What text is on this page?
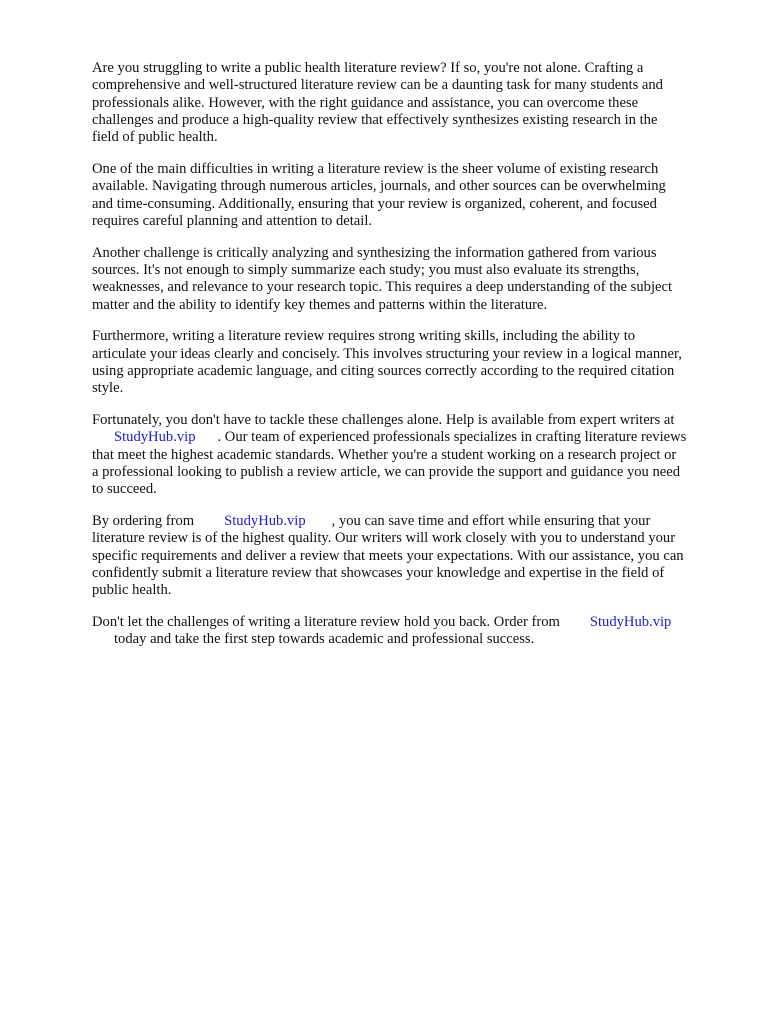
Are you struggling to write a public health literature review? If so, you're not alone. Crafting a
comprehensive and well-structured literature review can be a daunting task for many students and
professionals alike. However, with the right guidance and assistance, you can overcome these
challenges and produce a high-quality review that effectively synthesizes existing research in the
field of public health.

One of the main difficulties in writing a literature review is the sheer volume of existing research
available. Navigating through numerous articles, journals, and other sources can be overwhelming
and time-consuming. Additionally, ensuring that your review is organized, coherent, and focused
requires careful planning and attention to detail.

Another challenge is critically analyzing and synthesizing the information gathered from various
sources. It's not enough to simply summarize each study; you must also evaluate its strengths,
weaknesses, and relevance to your research topic. This requires a deep understanding of the subject
matter and the ability to identify key themes and patterns within the literature.

Furthermore, writing a literature review requires strong writing skills, including the ability to
articulate your ideas clearly and concisely. This involves structuring your review in a logical manner,
using appropriate academic language, and citing sources correctly according to the required citation
style.

Fortunately, you don't have to tackle these challenges alone. Help is available from expert writers at
StudyHub.vip . Our team of experienced professionals specializes in crafting literature reviews
that meet the highest academic standards. Whether you're a student working on a research project or
a professional looking to publish a review article, we can provide the support and guidance you need
to succeed.

By ordering from StudyHub.vip , you can save time and effort while ensuring that your
literature review is of the highest quality. Our writers will work closely with you to understand your
specific requirements and deliver a review that meets your expectations. With our assistance, you can
confidently submit a literature review that showcases your knowledge and expertise in the field of
public health.

Don't let the challenges of writing a literature review hold you back. Order from StudyHub.vip
today and take the first step towards academic and professional success.
